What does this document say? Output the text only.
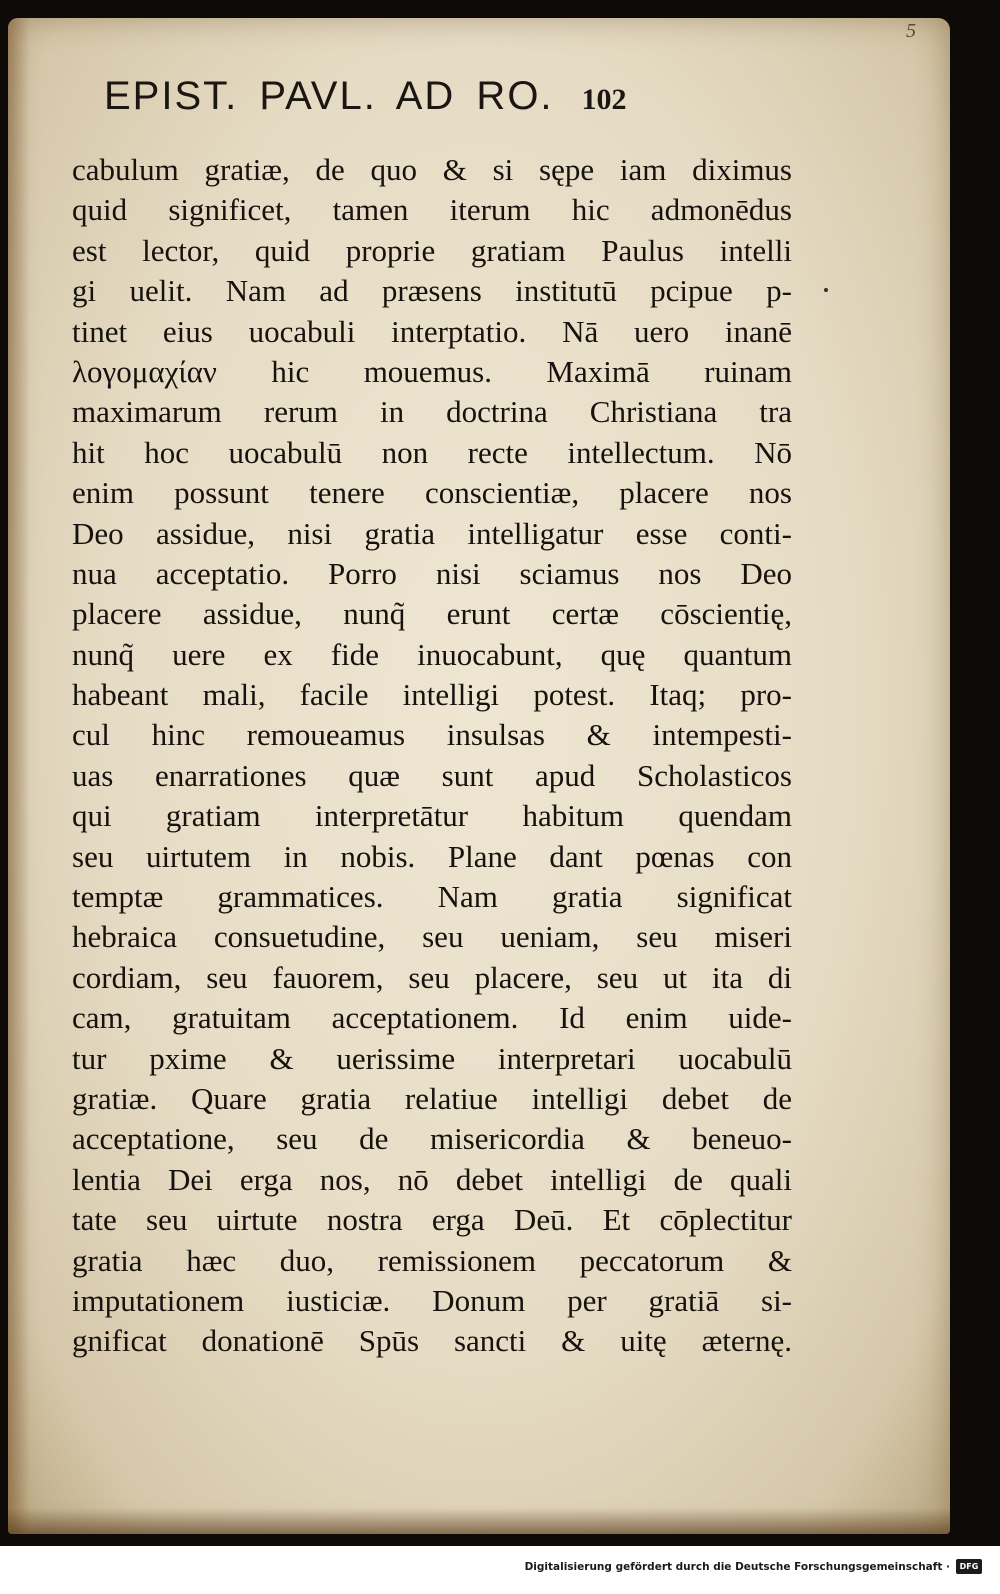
5
EPIST. PAVL. AD RO. 102
cabulum gratiæ, de quo & si sępe iam diximus
quid significet, tamen iterum hic admonēdus
est lector, quid proprie gratiam Paulus intelli
gi uelit. Nam ad præsens institutū pcipue p-
tinet eius uocabuli interptatio. Nā uero inanē
λογομαχίαν hic mouemus. Maximā ruinam
maximarum rerum in doctrina Christiana tra
hit hoc uocabulū non recte intellectum. Nō
enim possunt tenere conscientiæ, placere nos
Deo assidue, nisi gratia intelligatur esse conti-
nua acceptatio. Porro nisi sciamus nos Deo
placere assidue, nunq̃ erunt certæ cōscientię,
nunq̃ uere ex fide inuocabunt, quę quantum
habeant mali, facile intelligi potest. Itaq; pro-
cul hinc remoueamus insulsas & intempesti-
uas enarrationes quæ sunt apud Scholasticos
qui gratiam interpretātur habitum quendam
seu uirtutem in nobis. Plane dant pœnas con
temptæ grammatices. Nam gratia significat
hebraica consuetudine, seu ueniam, seu miseri
cordiam, seu fauorem, seu placere, seu ut ita di
cam, gratuitam acceptationem. Id enim uide-
tur pxime & uerissime interpretari uocabulū
gratiæ. Quare gratia relatiue intelligi debet de
acceptatione, seu de misericordia & beneuo-
lentia Dei erga nos, nō debet intelligi de quali
tate seu uirtute nostra erga Deū. Et cōplectitur
gratia hæc duo, remissionem peccatorum &
imputationem iusticiæ. Donum per gratiā si-
gnificat donationē Spūs sancti & uitę æternę.
Digitalisierung gefördert durch die Deutsche Forschungsgemeinschaft ·	DFG
